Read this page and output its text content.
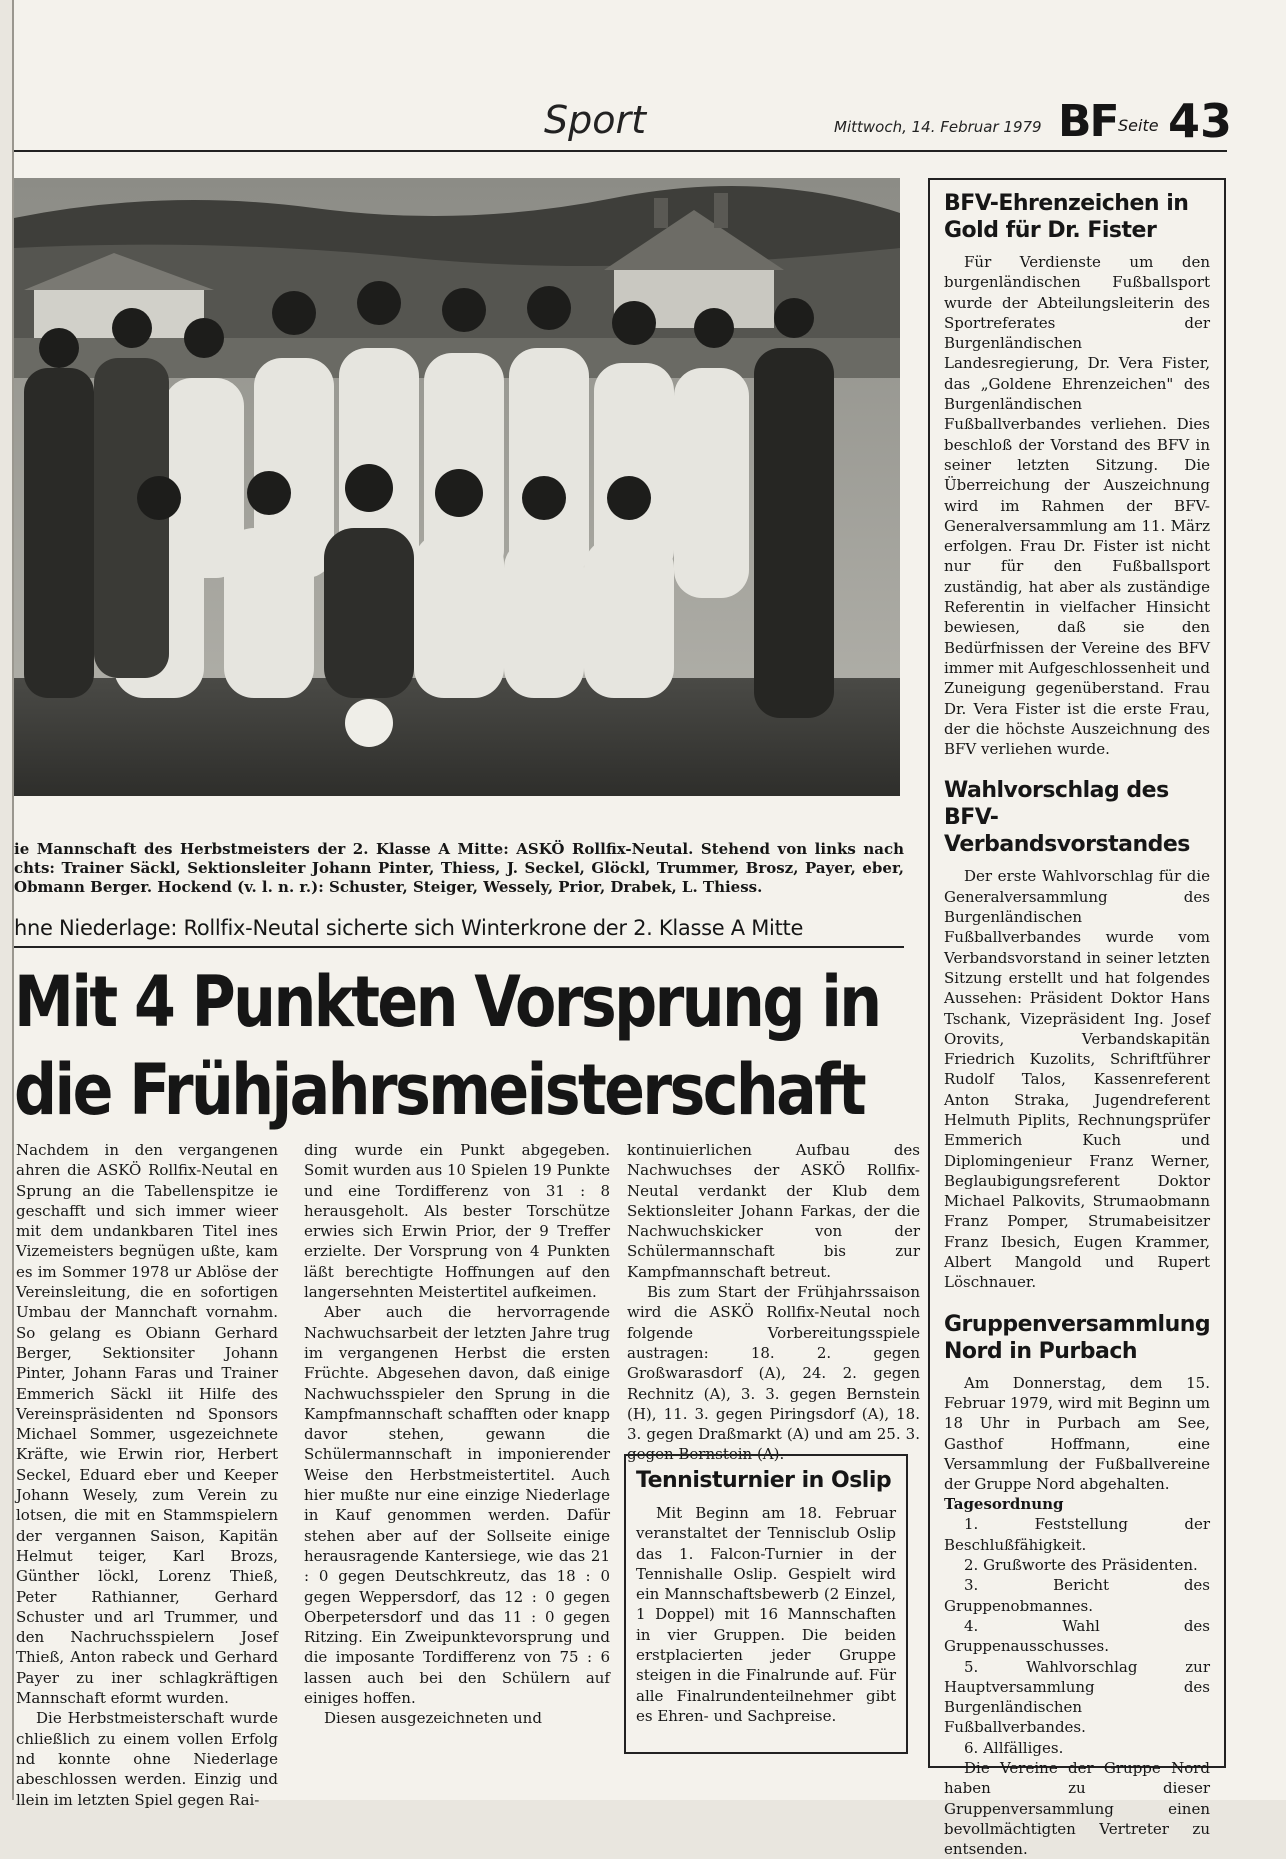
Sport	Mittwoch, 14. Februar 1979 BF Seite 43
ie Mannschaft des Herbstmeisters der 2. Klasse A Mitte: ASKÖ Rollfix-Neutal. Stehend von links nach chts: Trainer Säckl, Sektionsleiter Johann Pinter, Thiess, J. Seckel, Glöckl, Trummer, Brosz, Payer, eber, Obmann Berger. Hockend (v. l. n. r.): Schuster, Steiger, Wessely, Prior, Drabek, L. Thiess.
hne Niederlage: Rollfix-Neutal sicherte sich Winterkrone der 2. Klasse A Mitte
Mit 4 Punkten Vorsprung in
die Frühjahrsmeisterschaft

Nachdem in den vergangenen ahren die ASKÖ Rollfix-Neutal en Sprung an die Tabellenspitze ie geschafft und sich immer wieer mit dem undankbaren Titel ines Vizemeisters begnügen ußte, kam es im Sommer 1978 ur Ablöse der Vereinsleitung, die en sofortigen Umbau der Mannchaft vornahm. So gelang es Obiann Gerhard Berger, Sektionsiter Johann Pinter, Johann Faras und Trainer Emmerich Säckl iit Hilfe des Vereinspräsidenten nd Sponsors Michael Sommer, usgezeichnete Kräfte, wie Erwin rior, Herbert Seckel, Eduard eber und Keeper Johann Wesely, zum Verein zu lotsen, die mit en Stammspielern der vergannen Saison, Kapitän Helmut teiger, Karl Brozs, Günther löckl, Lorenz Thieß, Peter Rathianner, Gerhard Schuster und arl Trummer, und den Nachruchsspielern Josef Thieß, Anton rabeck und Gerhard Payer zu iner schlagkräftigen Mannschaft eformt wurden.

Die Herbstmeisterschaft wurde chließlich zu einem vollen Erfolg nd konnte ohne Niederlage abeschlossen werden. Einzig und llein im letzten Spiel gegen Rai-

ding wurde ein Punkt abgegeben. Somit wurden aus 10 Spielen 19 Punkte und eine Tordifferenz von 31 : 8 herausgeholt. Als bester Torschütze erwies sich Erwin Prior, der 9 Treffer erzielte. Der Vorsprung von 4 Punkten läßt berechtigte Hoffnungen auf den langersehnten Meistertitel aufkeimen.

Aber auch die hervorragende Nachwuchsarbeit der letzten Jahre trug im vergangenen Herbst die ersten Früchte. Abgesehen davon, daß einige Nachwuchsspieler den Sprung in die Kampfmannschaft schafften oder knapp davor stehen, gewann die Schülermannschaft in imponierender Weise den Herbstmeistertitel. Auch hier mußte nur eine einzige Niederlage in Kauf genommen werden. Dafür stehen aber auf der Sollseite einige herausragende Kantersiege, wie das 21 : 0 gegen Deutschkreutz, das 18 : 0 gegen Weppersdorf, das 12 : 0 gegen Oberpetersdorf und das 11 : 0 gegen Ritzing. Ein Zweipunktevorsprung und die imposante Tordifferenz von 75 : 6 lassen auch bei den Schülern auf einiges hoffen.

Diesen ausgezeichneten und

kontinuierlichen Aufbau des Nachwuchses der ASKÖ Rollfix-Neutal verdankt der Klub dem Sektionsleiter Johann Farkas, der die Nachwuchskicker von der Schülermannschaft bis zur Kampfmannschaft betreut.

Bis zum Start der Frühjahrssaison wird die ASKÖ Rollfix-Neutal noch folgende Vorbereitungsspiele austragen: 18. 2. gegen Großwarasdorf (A), 24. 2. gegen Rechnitz (A), 3. 3. gegen Bernstein (H), 11. 3. gegen Piringsdorf (A), 18. 3. gegen Draßmarkt (A) und am 25. 3. gegen Bernstein (A).

Tennisturnier in Oslip

Mit Beginn am 18. Februar veranstaltet der Tennisclub Oslip das 1. Falcon-Turnier in der Tennishalle Oslip. Gespielt wird ein Mannschaftsbewerb (2 Einzel, 1 Doppel) mit 16 Mannschaften in vier Gruppen. Die beiden erstplacierten jeder Gruppe steigen in die Finalrunde auf. Für alle Finalrundenteilnehmer gibt es Ehren- und Sachpreise.

BFV-Ehrenzeichen in Gold für Dr. Fister

Für Verdienste um den burgenländischen Fußballsport wurde der Abteilungsleiterin des Sportreferates der Burgenländischen Landesregierung, Dr. Vera Fister, das „Goldene Ehrenzeichen" des Burgenländischen Fußballverbandes verliehen. Dies beschloß der Vorstand des BFV in seiner letzten Sitzung. Die Überreichung der Auszeichnung wird im Rahmen der BFV-Generalversammlung am 11. März erfolgen. Frau Dr. Fister ist nicht nur für den Fußballsport zuständig, hat aber als zuständige Referentin in vielfacher Hinsicht bewiesen, daß sie den Bedürfnissen der Vereine des BFV immer mit Aufgeschlossenheit und Zuneigung gegenüberstand. Frau Dr. Vera Fister ist die erste Frau, der die höchste Auszeichnung des BFV verliehen wurde.

Wahlvorschlag des BFV-Verbandsvorstandes

Der erste Wahlvorschlag für die Generalversammlung des Burgenländischen Fußballverbandes wurde vom Verbandsvorstand in seiner letzten Sitzung erstellt und hat folgendes Aussehen: Präsident Doktor Hans Tschank, Vizepräsident Ing. Josef Orovits, Verbandskapitän Friedrich Kuzolits, Schriftführer Rudolf Talos, Kassenreferent Anton Straka, Jugendreferent Helmuth Piplits, Rechnungsprüfer Emmerich Kuch und Diplomingenieur Franz Werner, Beglaubigungsreferent Doktor Michael Palkovits, Strumaobmann Franz Pomper, Strumabeisitzer Franz Ibesich, Eugen Krammer, Albert Mangold und Rupert Löschnauer.

Gruppenversammlung Nord in Purbach

Am Donnerstag, dem 15. Februar 1979, wird mit Beginn um 18 Uhr in Purbach am See, Gasthof Hoffmann, eine Versammlung der Fußballvereine der Gruppe Nord abgehalten.

Tagesordnung
1. Feststellung der Beschlußfähigkeit.
2. Grußworte des Präsidenten.
3. Bericht des Gruppenobmannes.
4. Wahl des Gruppenausschusses.
5. Wahlvorschlag zur Hauptversammlung des Burgenländischen Fußballverbandes.
6. Allfälliges.

Die Vereine der Gruppe Nord haben zu dieser Gruppenversammlung einen bevollmächtigten Vertreter zu entsenden.
